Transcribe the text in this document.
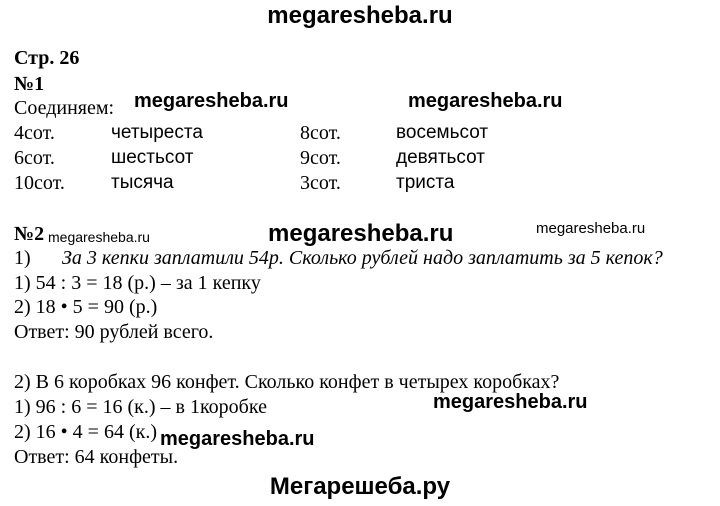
megaresheba.ru
Стр. 26
№1
Соединяем:
4сот.	четыреста	8сот.	восемьсот
6сот.	шестьсот	9сот.	девятьсот
10сот. тысяча	3сот.	триста
№2
1) За 3 кепки заплатили 54р. Сколько рублей надо заплатить за 5 кепок?
1) 54 : 3 = 18 (р.) – за 1 кепку
2) 18 • 5 = 90 (р.)
Ответ: 90 рублей всего.
2) В 6 коробках 96 конфет. Сколько конфет в четырех коробках?
1) 96 : 6 = 16 (к.) – в 1коробке
2) 16 • 4 = 64 (к.)
Ответ: 64 конфеты.
megaresheba.ru	megaresheba.ru
megaresheba.ru
megaresheba.ru	megaresheba.ru
megaresheba.ru
megaresheba.ru
Мегарешеба.ру
